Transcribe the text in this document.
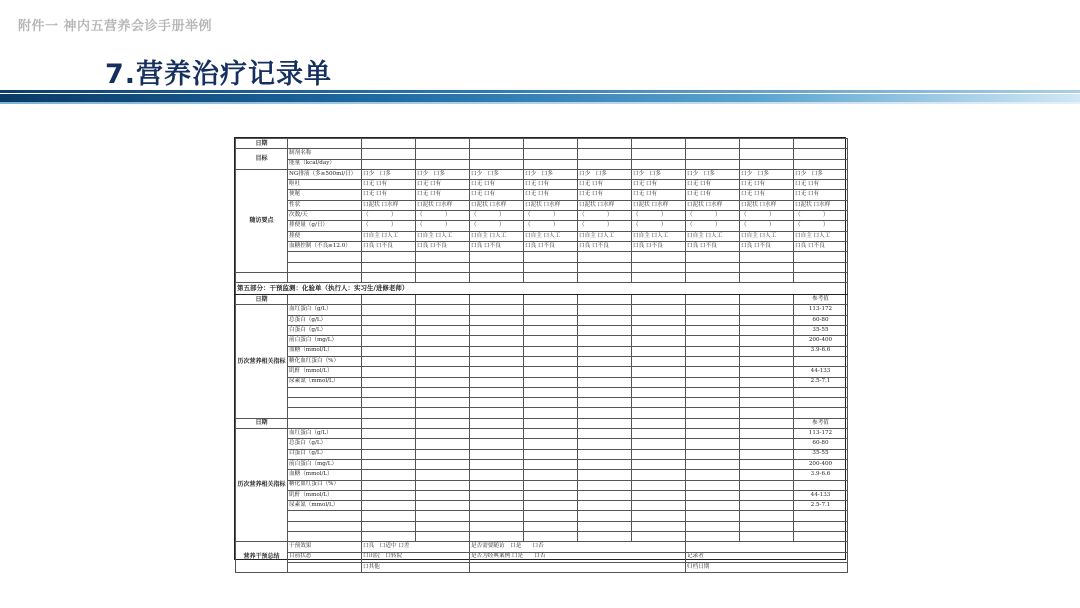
附件一 神内五营养会诊手册举例
7.营养治疗记录单
日期										
目标	制剂名称									
	能量（kcal/day）									
随访要点	NG排液（多≥500ml/日）	口少　口多	口少　口多	口少　口多	口少　口多	口少　口多	口少　口多	口少　口多	口少　口多	口少　口多
	呕吐	口无 口有	口无 口有	口无 口有	口无 口有	口无 口有	口无 口有	口无 口有	口无 口有	口无 口有
	便秘	口无 口有	口无 口有	口无 口有	口无 口有	口无 口有	口无 口有	口无 口有	口无 口有	口无 口有
	性状	口泥状 口水样	口泥状 口水样	口泥状 口水样	口泥状 口水样	口泥状 口水样	口泥状 口水样	口泥状 口水样	口泥状 口水样	口泥状 口水样
	次数/天	（　　　　）	（　　　　）	（　　　　）	（　　　　）	（　　　　）	（　　　　）	（　　　　）	（　　　　）	（　　　　）
	排便量（g/日）	（　　　　）	（　　　　）	（　　　　）	（　　　　）	（　　　　）	（　　　　）	（　　　　）	（　　　　）	（　　　　）
	排便	口自主 口人工	口自主 口人工	口自主 口人工	口自主 口人工	口自主 口人工	口自主 口人工	口自主 口人工	口自主 口人工	口自主 口人工
	血糖控制（不良≥12.0）	口良 口不良	口良 口不良	口良 口不良	口良 口不良	口良 口不良	口良 口不良	口良 口不良	口良 口不良	口良 口不良

第五部分：干预监测：化验单（执行人：实习生/进修老师）										
日期										参考值
历次营养相关指标	血红蛋白（g/L）									113-172
	总蛋白（g/L）									60-80
	白蛋白（g/L）									35-55
	前白蛋白（mg/L）									200-400
	血糖（mmol/L）									3.9-6.6
	糖化血红蛋白（%）									
	肌酐（mmol/L）									44-133
	尿素氮（mmol/L）									2.5-7.1

日期										参考值
历次营养相关指标	血红蛋白（g/L）									113-172
	总蛋白（g/L）									60-80
	白蛋白（g/L）									35-55
	前白蛋白（mg/L）									200-400
	血糖（mmol/L）									3.9-6.6
	糖化血红蛋白（%）									
	肌酐（mmol/L）									44-133
	尿素氮（mmol/L）									2.5-7.1

营养干预总结	干预效果	口良　口适中 口差		是否需要随访　口是　　口否						
	目前状态	口出院　口转院		是否为经典案例 口是　　口否				记录者		
		口其他						归档日期		
